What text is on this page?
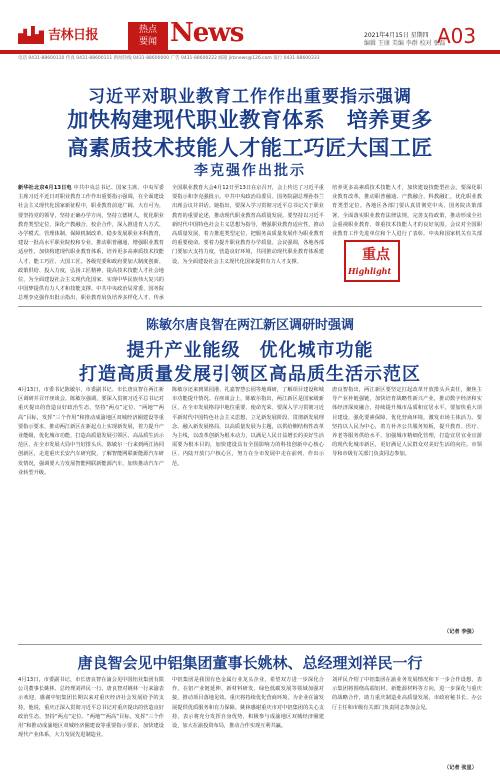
吉林日报	热点
要闻 News	2021年4月15日 星期四
编辑 王康 美编 李群 校对 张磊
A03
电话 0431-88600110 传真 0431-88600111 新闻热线 0431-88600000 广告 0431-88600222 邮箱 jlrbnews@126.com 发行 0431-88600333
习近平对职业教育工作作出重要指示强调
加快构建现代职业教育体系　培养更多
高素质技术技能人才能工巧匠大国工匠
李克强作出批示
新华社北京4月13日电 中共中央总书记、国家主席、中央军委主席习近平近日对职业教育工作作出重要指示强调，在全面建设社会主义现代化国家新征程中，职业教育前途广阔、大有可为。要坚持党的领导，坚持正确办学方向，坚持立德树人，优化职业教育类型定位，深化产教融合、校企合作，深入推进育人方式、办学模式、管理体制、保障机制改革，稳步发展职业本科教育，建设一批高水平职业院校和专业，推动职普融通，增强职业教育适应性，加快构建现代职业教育体系，培养更多高素质技术技能人才、能工巧匠、大国工匠。各级党委和政府要加大制度创新、政策供给、投入力度，弘扬工匠精神，提高技术技能人才社会地位，为全面建设社会主义现代化国家、实现中华民族伟大复兴的中国梦提供有力人才和技能支撑。中共中央政治局常委、国务院总理李克强作出批示指出，职业教育肩负培养多样化人才、传承
全国职业教育大会4月12日至13日在京召开，会上传达了习近平重要指示和李克强批示。中共中央政治局委员、国务院副总理孙春兰出席会议并讲话。她指出，要深入学习贯彻习近平总书记关于职业教育的重要论述，推动现代职业教育高质量发展。要坚持以习近平新时代中国特色社会主义思想为指导，增强职业教育适应性，推动高质量发展，着力推进类型定位，把服务高质量发展作为职业教育的重要使命。要着力提升职业教育办学质量。会议强调，各地各部门要加大支持力度，营造良好环境，共同推动现代职业教育体系建设，为全面建设社会主义现代化国家提供有力人才支撑。
培养更多高素质技术技能人才，加快建设技能型社会。要深化职业教育改革，推动职普融通、产教融合、科教融汇，优化职业教育类型定位。各地区各部门要认真贯彻党中央、国务院决策部署，全面落实职业教育法律法规，完善支持政策，推动形成全社会重视职业教育、尊重技术技能人才的良好氛围。会议对全国职业教育工作先进单位和个人进行了表彰。中央和国家机关有关部
重点
Highlight
陈敏尔唐良智在两江新区调研时强调
提升产业能级　优化城市功能
打造高质量发展引领区高品质生活示范区
4月13日，市委书记陈敏尔，市委副书记、市长唐良智在两江新区调研并召开座谈会。陈敏尔强调，要深入贯彻习近平总书记对重庆提出的营造良好政治生态，坚持“两点”定位、“两地”“两高”目标，发挥“三个作用”和推动成渝地区双城经济圈建设等重要指示要求，推动两江新区在新起点上实现新发展，着力提升产业能级，优化城市功能，打造高质量发展引领区、高品质生活示范区，在全市发展大局中当好排头兵。陈敏尔一行来到两江协同创新区，走进重庆长安汽车研究院，了解智能网联新能源汽车研发情况，强调要大力发展智能网联新能源汽车，加快推动汽车产业转型升级。
陈敏尔还来到果园港、礼嘉智慧公园等地调研，了解项目建设和城市功能提升情况。在座谈会上，陈敏尔指出，两江新区是国家级新区，在全市发展格局中地位重要、使命光荣。要深入学习贯彻习近平新时代中国特色社会主义思想，立足新发展阶段、贯彻新发展理念、融入新发展格局，以高质量发展为主题，以供给侧结构性改革为主线，以改革创新为根本动力，以满足人民日益增长的美好生活需要为根本目的，加快建设具有全国影响力的科技创新中心核心区、内陆开放门户核心区，努力在全市发展中走在前列、作出示范。
唐良智指出，两江新区要坚定扛起改革开放排头兵责任，聚焦主导产业补链强链，加快培育战略性新兴产业，推动数字经济和实体经济深度融合，持续提升城市品质和宜居水平。要加快重大项目建设，强化要素保障，优化营商环境，激发市场主体活力。要坚持以人民为中心，着力补齐公共服务短板，提升教育、医疗、养老等服务供给水平，加强城市精细化管理，打造宜居宜业宜游的现代化城市新区，更好满足人民群众对美好生活的向往。市领导和市级有关部门负责同志参加。
（记者 李强）
唐良智会见中铝集团董事长姚林、总经理刘祥民一行
4月13日，市委副书记、市长唐良智在渝会见中国铝业集团有限公司董事长姚林、总经理刘祥民一行。唐良智对姚林一行来渝表示欢迎，感谢中铝集团长期以来对重庆经济社会发展给予的支持。他说，重庆正深入贯彻习近平总书记对重庆提出的营造良好政治生态，坚持“两点”定位、“两地”“两高”目标，发挥“三个作用”和推动成渝地区双城经济圈建设等重要指示要求，加快建设现代产业体系，大力发展先进制造业。
中铝集团是我国有色金属行业龙头企业，希望双方进一步深化合作，在铝产业链延伸、新材料研发、绿色低碳发展等领域加强对接，推动项目落地见效。重庆将持续优化营商环境，为企业在渝发展提供优质服务和有力保障。姚林感谢重庆市对中铝集团的关心支持，表示将充分发挥自身优势，积极参与成渝地区双城经济圈建设，加大在渝投资布局，推动合作实现互利共赢。
刘祥民介绍了中铝集团在渝业务发展情况和下一步合作设想，表示集团将围绕高端铝材、新能源材料等方向，进一步深化与重庆的战略合作，助力重庆制造业高质量发展。市政府秘书长、办公厅主任和市级有关部门负责同志参加会见。
（记者 张星）
